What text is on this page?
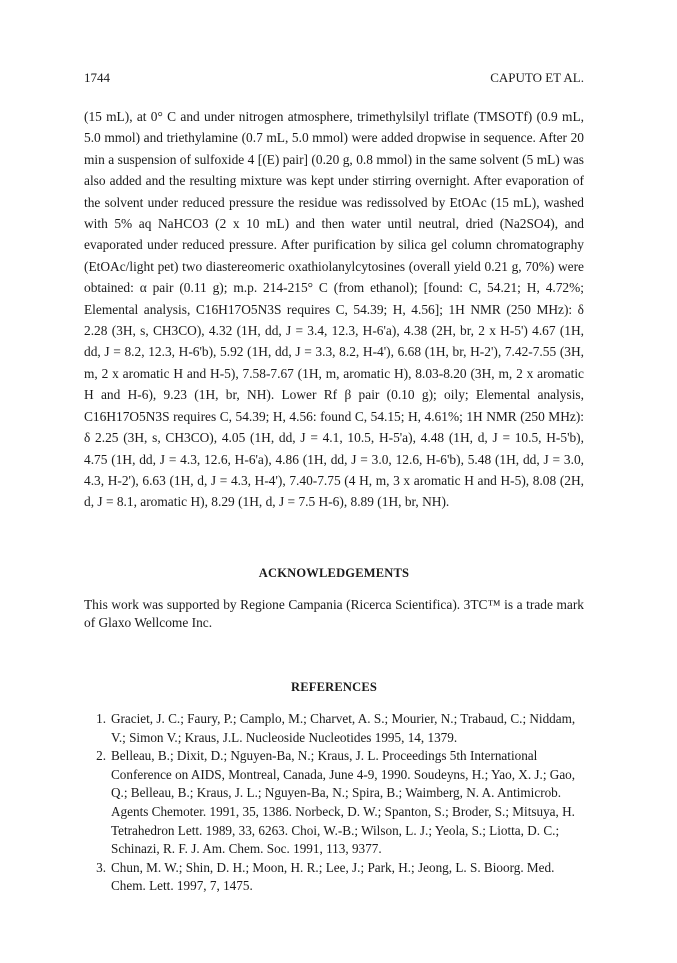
1744	CAPUTO ET AL.

(15 mL), at 0° C and under nitrogen atmosphere, trimethylsilyl triflate (TMSOTf) (0.9 mL, 5.0 mmol) and triethylamine (0.7 mL, 5.0 mmol) were added dropwise in sequence. After 20 min a suspension of sulfoxide 4 [(E) pair] (0.20 g, 0.8 mmol) in the same solvent (5 mL) was also added and the resulting mixture was kept under stirring overnight. After evaporation of the solvent under reduced pressure the residue was redissolved by EtOAc (15 mL), washed with 5% aq NaHCO3 (2 x 10 mL) and then water until neutral, dried (Na2SO4), and evaporated under reduced pressure. After purification by silica gel column chromatography (EtOAc/light pet) two diastereomeric oxathiolanylcytosines (overall yield 0.21 g, 70%) were obtained: α pair (0.11 g); m.p. 214-215° C (from ethanol); [found: C, 54.21; H, 4.72%; Elemental analysis, C16H17O5N3S requires C, 54.39; H, 4.56]; 1H NMR (250 MHz): δ 2.28 (3H, s, CH3CO), 4.32 (1H, dd, J = 3.4, 12.3, H-6'a), 4.38 (2H, br, 2 x H-5') 4.67 (1H, dd, J = 8.2, 12.3, H-6'b), 5.92 (1H, dd, J = 3.3, 8.2, H-4'), 6.68 (1H, br, H-2'), 7.42-7.55 (3H, m, 2 x aromatic H and H-5), 7.58-7.67 (1H, m, aromatic H), 8.03-8.20 (3H, m, 2 x aromatic H and H-6), 9.23 (1H, br, NH). Lower Rf β pair (0.10 g); oily; Elemental analysis, C16H17O5N3S requires C, 54.39; H, 4.56: found C, 54.15; H, 4.61%; 1H NMR (250 MHz): δ 2.25 (3H, s, CH3CO), 4.05 (1H, dd, J = 4.1, 10.5, H-5'a), 4.48 (1H, d, J = 10.5, H-5'b), 4.75 (1H, dd, J = 4.3, 12.6, H-6'a), 4.86 (1H, dd, J = 3.0, 12.6, H-6'b), 5.48 (1H, dd, J = 3.0, 4.3, H-2'), 6.63 (1H, d, J = 4.3, H-4'), 7.40-7.75 (4 H, m, 3 x aromatic H and H-5), 8.08 (2H, d, J = 8.1, aromatic H), 8.29 (1H, d, J = 7.5 H-6), 8.89 (1H, br, NH).

ACKNOWLEDGEMENTS
This work was supported by Regione Campania (Ricerca Scientifica). 3TC™ is a trade mark of Glaxo Wellcome Inc.
REFERENCES
1. Graciet, J. C.; Faury, P.; Camplo, M.; Charvet, A. S.; Mourier, N.; Trabaud, C.; Niddam, V.; Simon V.; Kraus, J.L. Nucleoside Nucleotides 1995, 14, 1379.
2. Belleau, B.; Dixit, D.; Nguyen-Ba, N.; Kraus, J. L. Proceedings 5th International Conference on AIDS, Montreal, Canada, June 4-9, 1990. Soudeyns, H.; Yao, X. J.; Gao, Q.; Belleau, B.; Kraus, J. L.; Nguyen-Ba, N.; Spira, B.; Waimberg, N. A. Antimicrob. Agents Chemoter. 1991, 35, 1386. Norbeck, D. W.; Spanton, S.; Broder, S.; Mitsuya, H. Tetrahedron Lett. 1989, 33, 6263. Choi, W.-B.; Wilson, L. J.; Yeola, S.; Liotta, D. C.; Schinazi, R. F. J. Am. Chem. Soc. 1991, 113, 9377.
3. Chun, M. W.; Shin, D. H.; Moon, H. R.; Lee, J.; Park, H.; Jeong, L. S. Bioorg. Med. Chem. Lett. 1997, 7, 1475.
